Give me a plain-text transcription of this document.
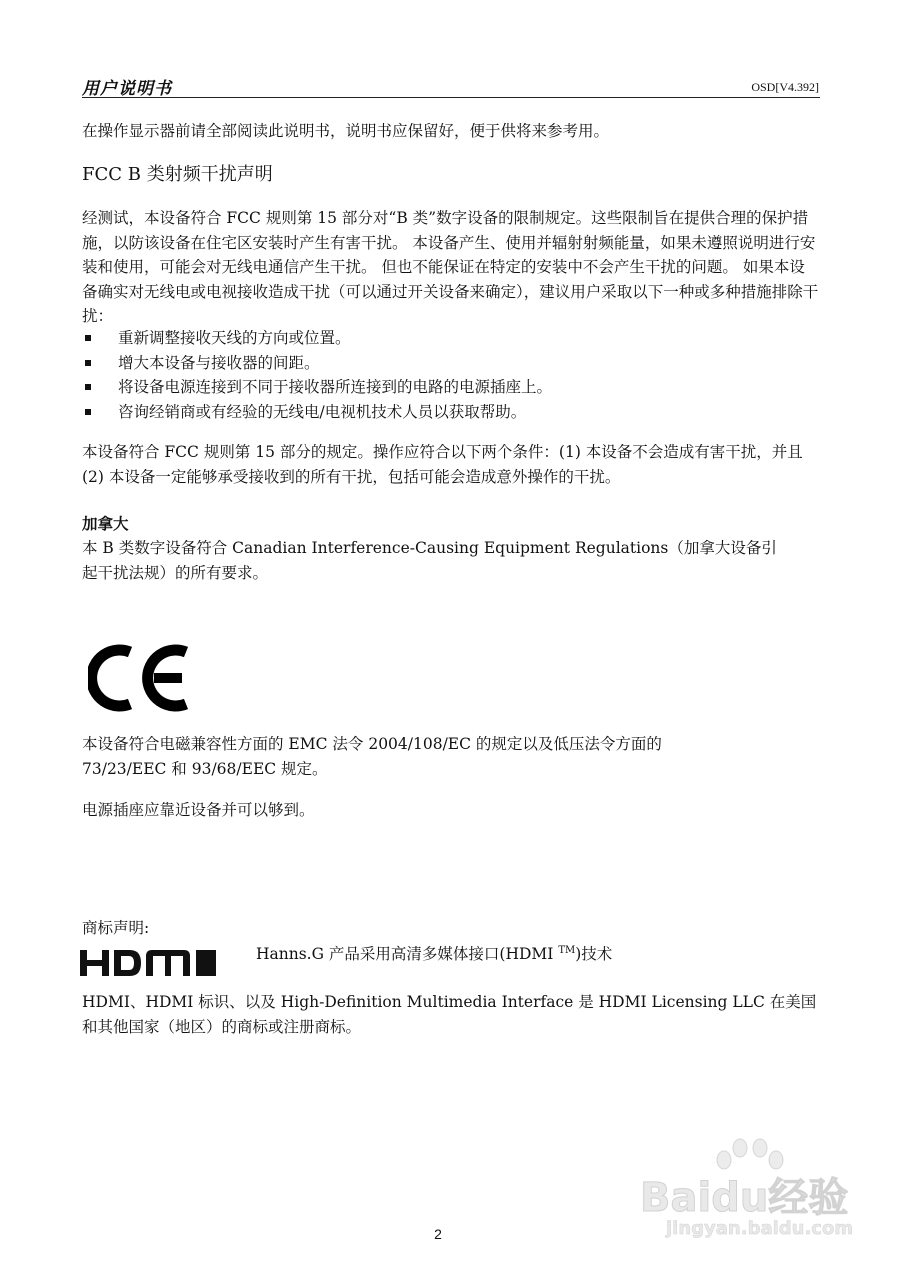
用户说明书	OSD[V4.392]
在操作显示器前请全部阅读此说明书，说明书应保留好，便于供将来参考用。
FCC B 类射频干扰声明
经测试，本设备符合 FCC 规则第 15 部分对“B 类”数字设备的限制规定。这些限制旨在提供合理的保护措施，以防该设备在住宅区安装时产生有害干扰。 本设备产生、使用并辐射射频能量，如果未遵照说明进行安装和使用，可能会对无线电通信产生干扰。 但也不能保证在特定的安装中不会产生干扰的问题。 如果本设备确实对无线电或电视接收造成干扰（可以通过开关设备来确定），建议用户采取以下一种或多种措施排除干扰：
重新调整接收天线的方向或位置。
增大本设备与接收器的间距。
将设备电源连接到不同于接收器所连接到的电路的电源插座上。
咨询经销商或有经验的无线电/电视机技术人员以获取帮助。
本设备符合 FCC 规则第 15 部分的规定。操作应符合以下两个条件：(1) 本设备不会造成有害干扰，并且(2) 本设备一定能够承受接收到的所有干扰，包括可能会造成意外操作的干扰。
加拿大
本 B 类数字设备符合 Canadian Interference-Causing Equipment Regulations（加拿大设备引起干扰法规）的所有要求。
本设备符合电磁兼容性方面的 EMC 法令 2004/108/EC 的规定以及低压法令方面的 73/23/EEC 和 93/68/EEC 规定。
电源插座应靠近设备并可以够到。
商标声明:
Hanns.G 产品采用高清多媒体接口(HDMI ™)技术
HDMI、HDMI 标识、以及 High-Definition Multimedia Interface 是 HDMI Licensing LLC 在美国和其他国家（地区）的商标或注册商标。
2
Baidu经验
jingyan.baidu.com
